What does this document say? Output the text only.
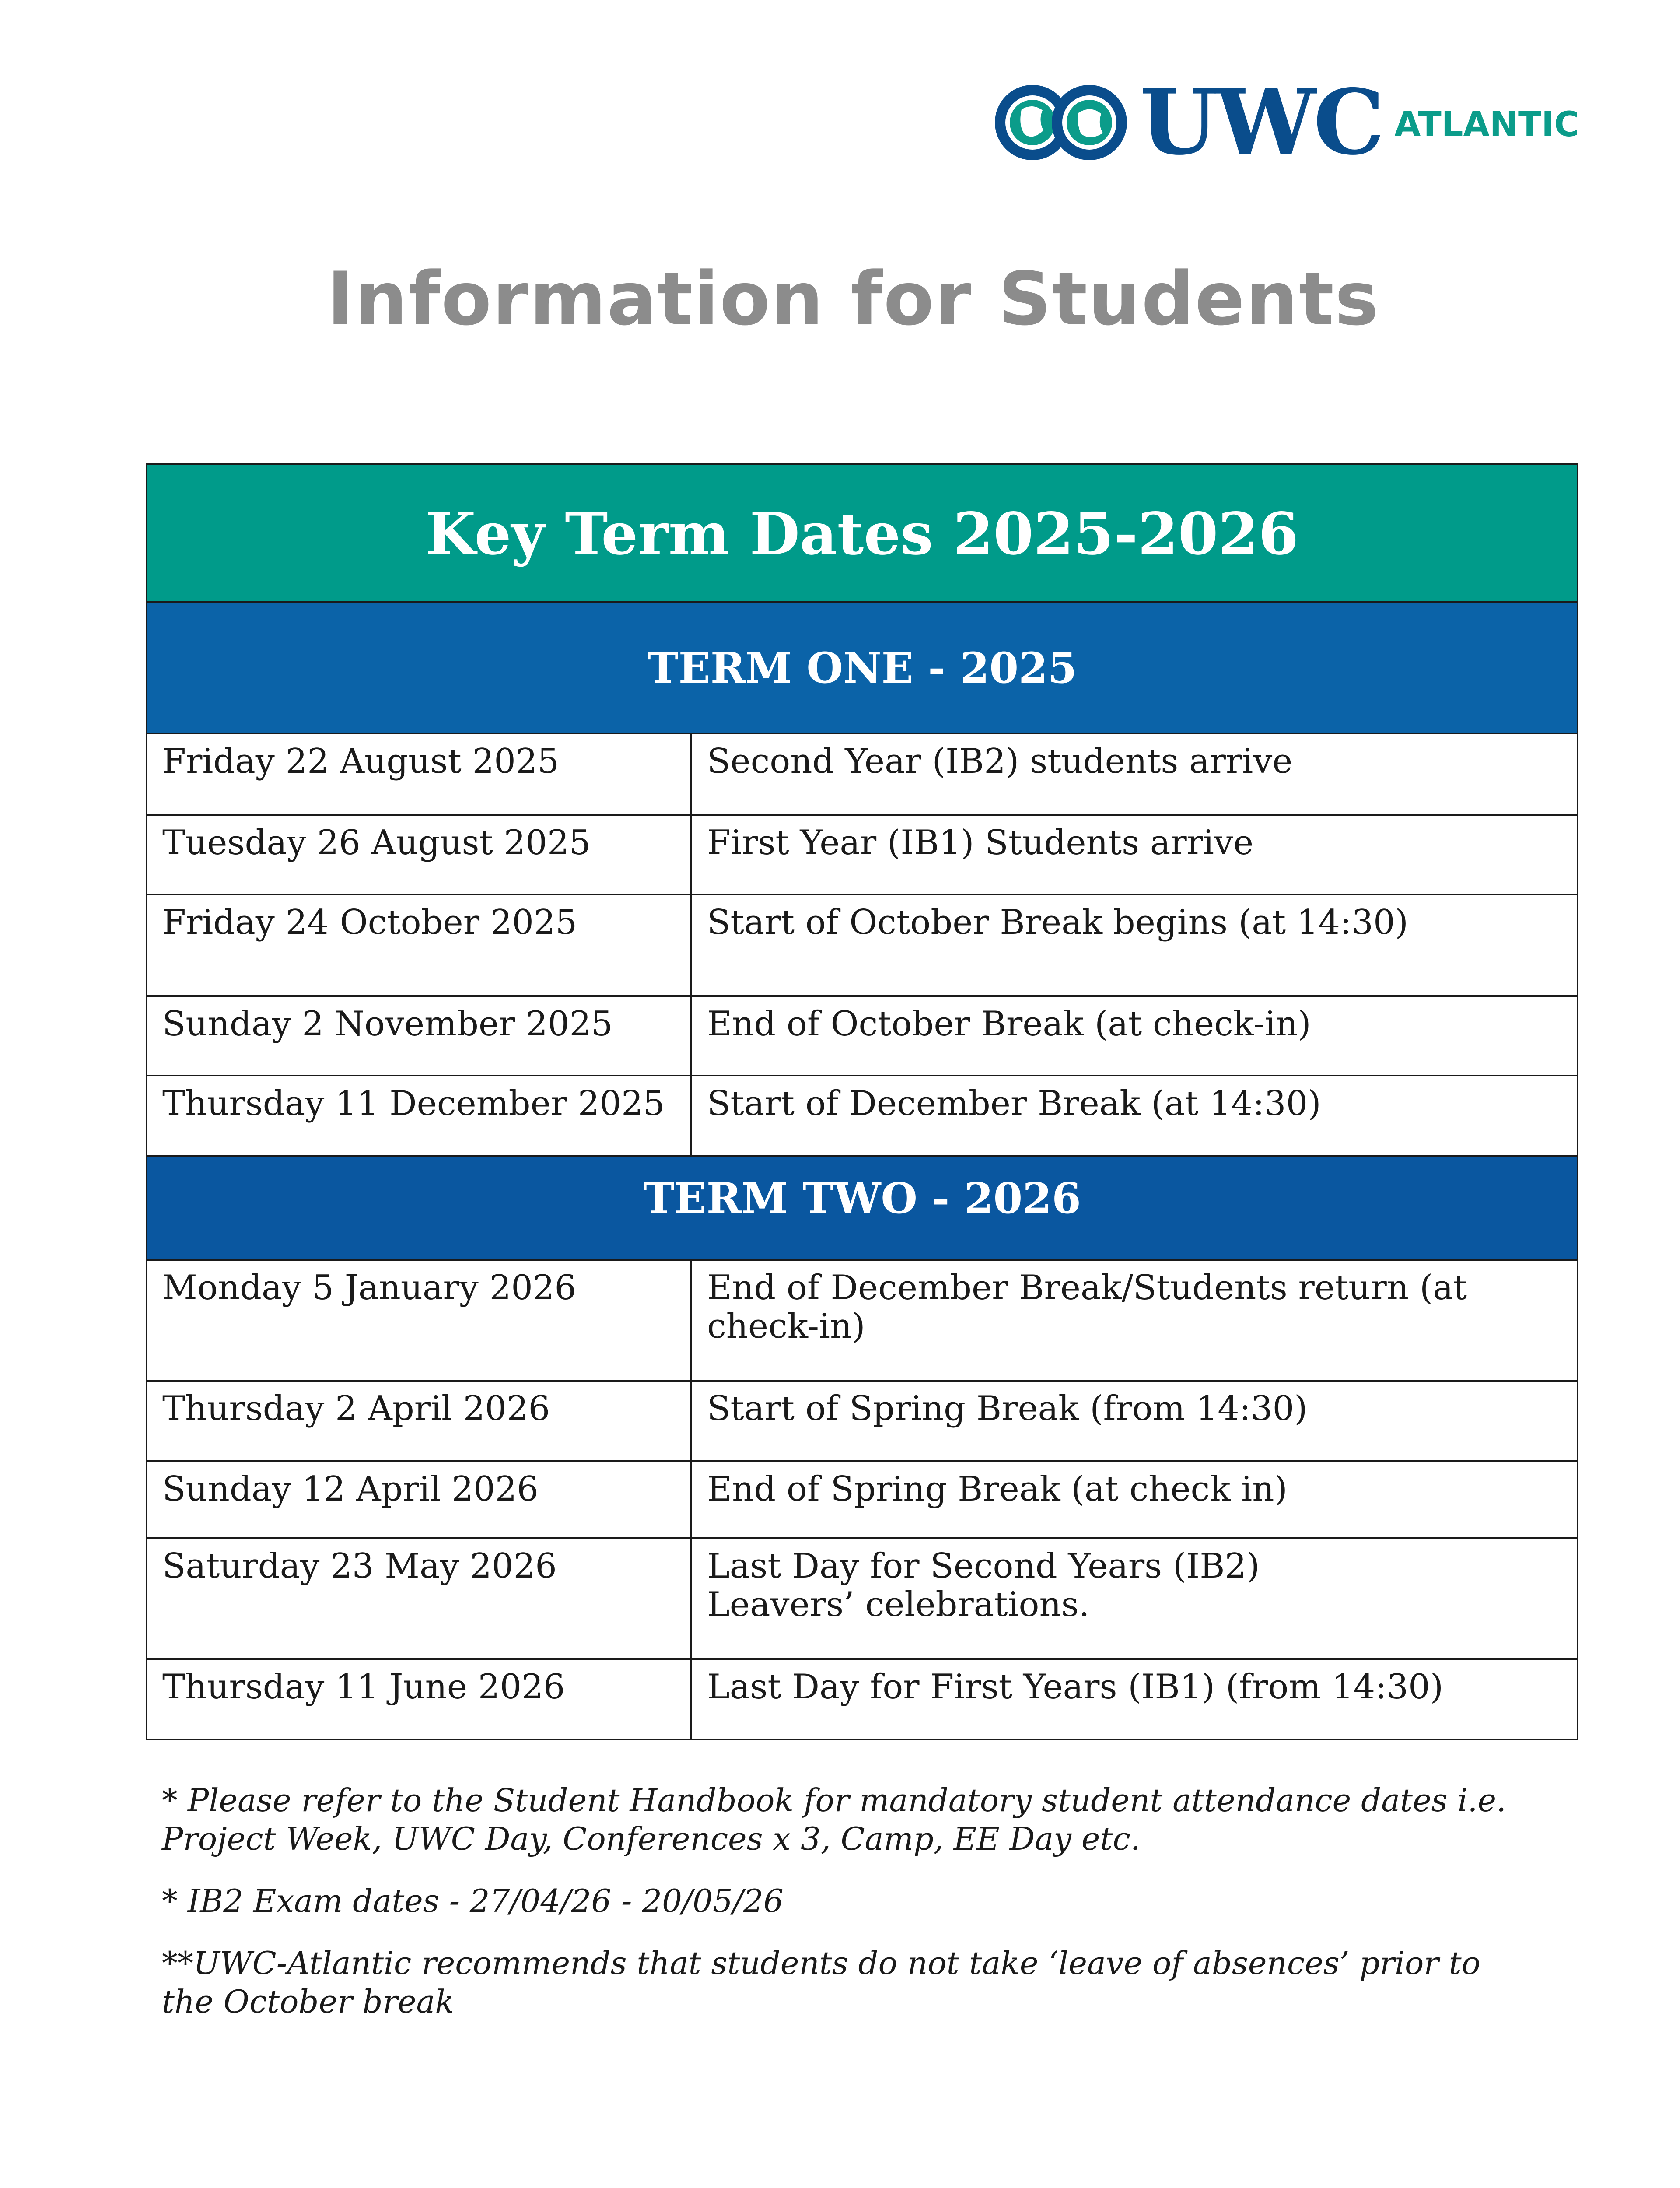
UWC ATLANTIC
Information for Students
Key Term Dates 2025-2026	
TERM ONE - 2025	
Friday 22 August 2025	Second Year (IB2) students arrive
Tuesday 26 August 2025	First Year (IB1) Students arrive
Friday 24 October 2025	Start of October Break begins (at 14:30)
Sunday 2 November 2025	End of October Break (at check-in)
Thursday 11 December 2025	Start of December Break (at 14:30)

TERM TWO - 2026	

Monday 5 January 2026	End of December Break/Students return (at check-in)
Thursday 2 April 2026	Start of Spring Break (from 14:30)
Sunday 12 April 2026	End of Spring Break (at check in)
Saturday 23 May 2026	Last Day for Second Years (IB2)
Leavers’ celebrations.

Thursday 11 June 2026	Last Day for First Years (IB1) (from 14:30)

* Please refer to the Student Handbook for mandatory student attendance dates i.e. Project Week, UWC Day, Conferences x 3, Camp, EE Day etc.

* IB2 Exam dates - 27/04/26 - 20/05/26

**UWC-Atlantic recommends that students do not take ‘leave of absences’ prior to the October break
